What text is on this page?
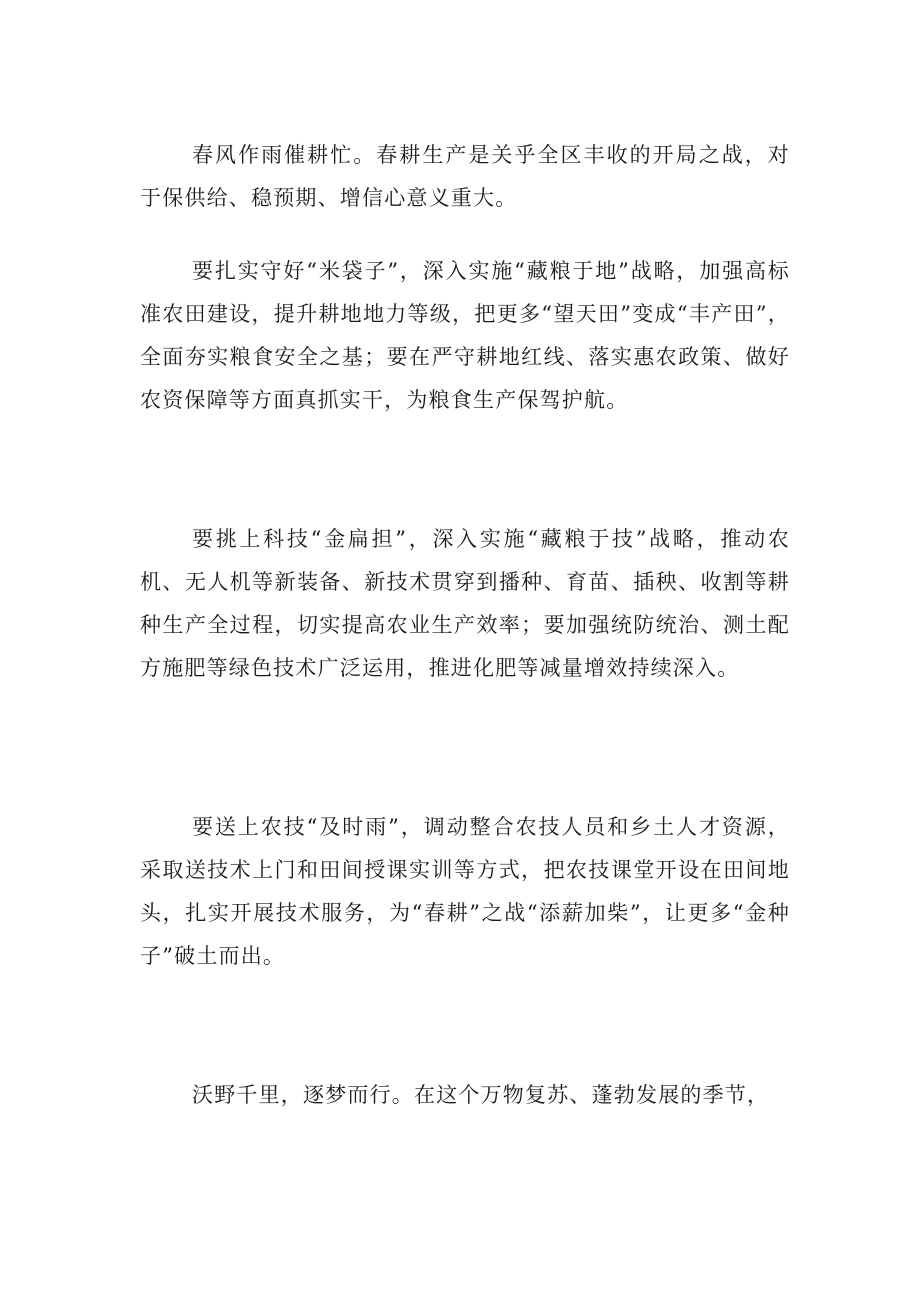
春风作雨催耕忙。春耕生产是关乎全区丰收的开局之战，对于保供给、稳预期、增信心意义重大。

要扎实守好“米袋子”，深入实施“藏粮于地”战略，加强高标准农田建设，提升耕地地力等级，把更多“望天田”变成“丰产田”，全面夯实粮食安全之基；要在严守耕地红线、落实惠农政策、做好农资保障等方面真抓实干，为粮食生产保驾护航。

要挑上科技“金扁担”，深入实施“藏粮于技”战略，推动农机、无人机等新装备、新技术贯穿到播种、育苗、插秧、收割等耕种生产全过程，切实提高农业生产效率；要加强统防统治、测土配方施肥等绿色技术广泛运用，推进化肥等减量增效持续深入。

要送上农技“及时雨”，调动整合农技人员和乡土人才资源，采取送技术上门和田间授课实训等方式，把农技课堂开设在田间地头，扎实开展技术服务，为“春耕”之战“添薪加柴”，让更多“金种子”破土而出。

沃野千里，逐梦而行。在这个万物复苏、蓬勃发展的季节，
